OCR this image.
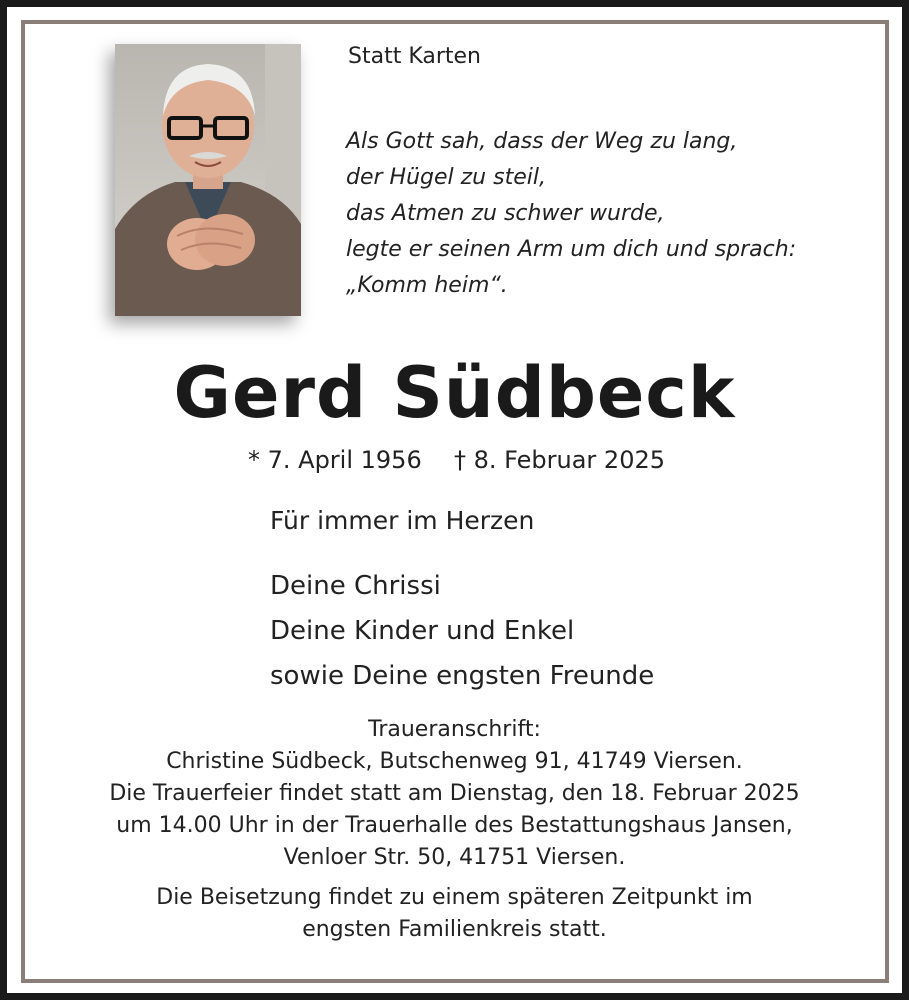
Statt Karten
Als Gott sah, dass der Weg zu lang,
der Hügel zu steil,
das Atmen zu schwer wurde,
legte er seinen Arm um dich und sprach:
„Komm heim“.
Gerd Südbeck
* 7. April 1956 † 8. Februar 2025
Für immer im Herzen
Deine Chrissi
Deine Kinder und Enkel
sowie Deine engsten Freunde
Traueranschrift:
Christine Südbeck, Butschenweg 91, 41749 Viersen.
Die Trauerfeier findet statt am Dienstag, den 18. Februar 2025
um 14.00 Uhr in der Trauerhalle des Bestattungshaus Jansen,
Venloer Str. 50, 41751 Viersen.
Die Beisetzung findet zu einem späteren Zeitpunkt im
engsten Familienkreis statt.
